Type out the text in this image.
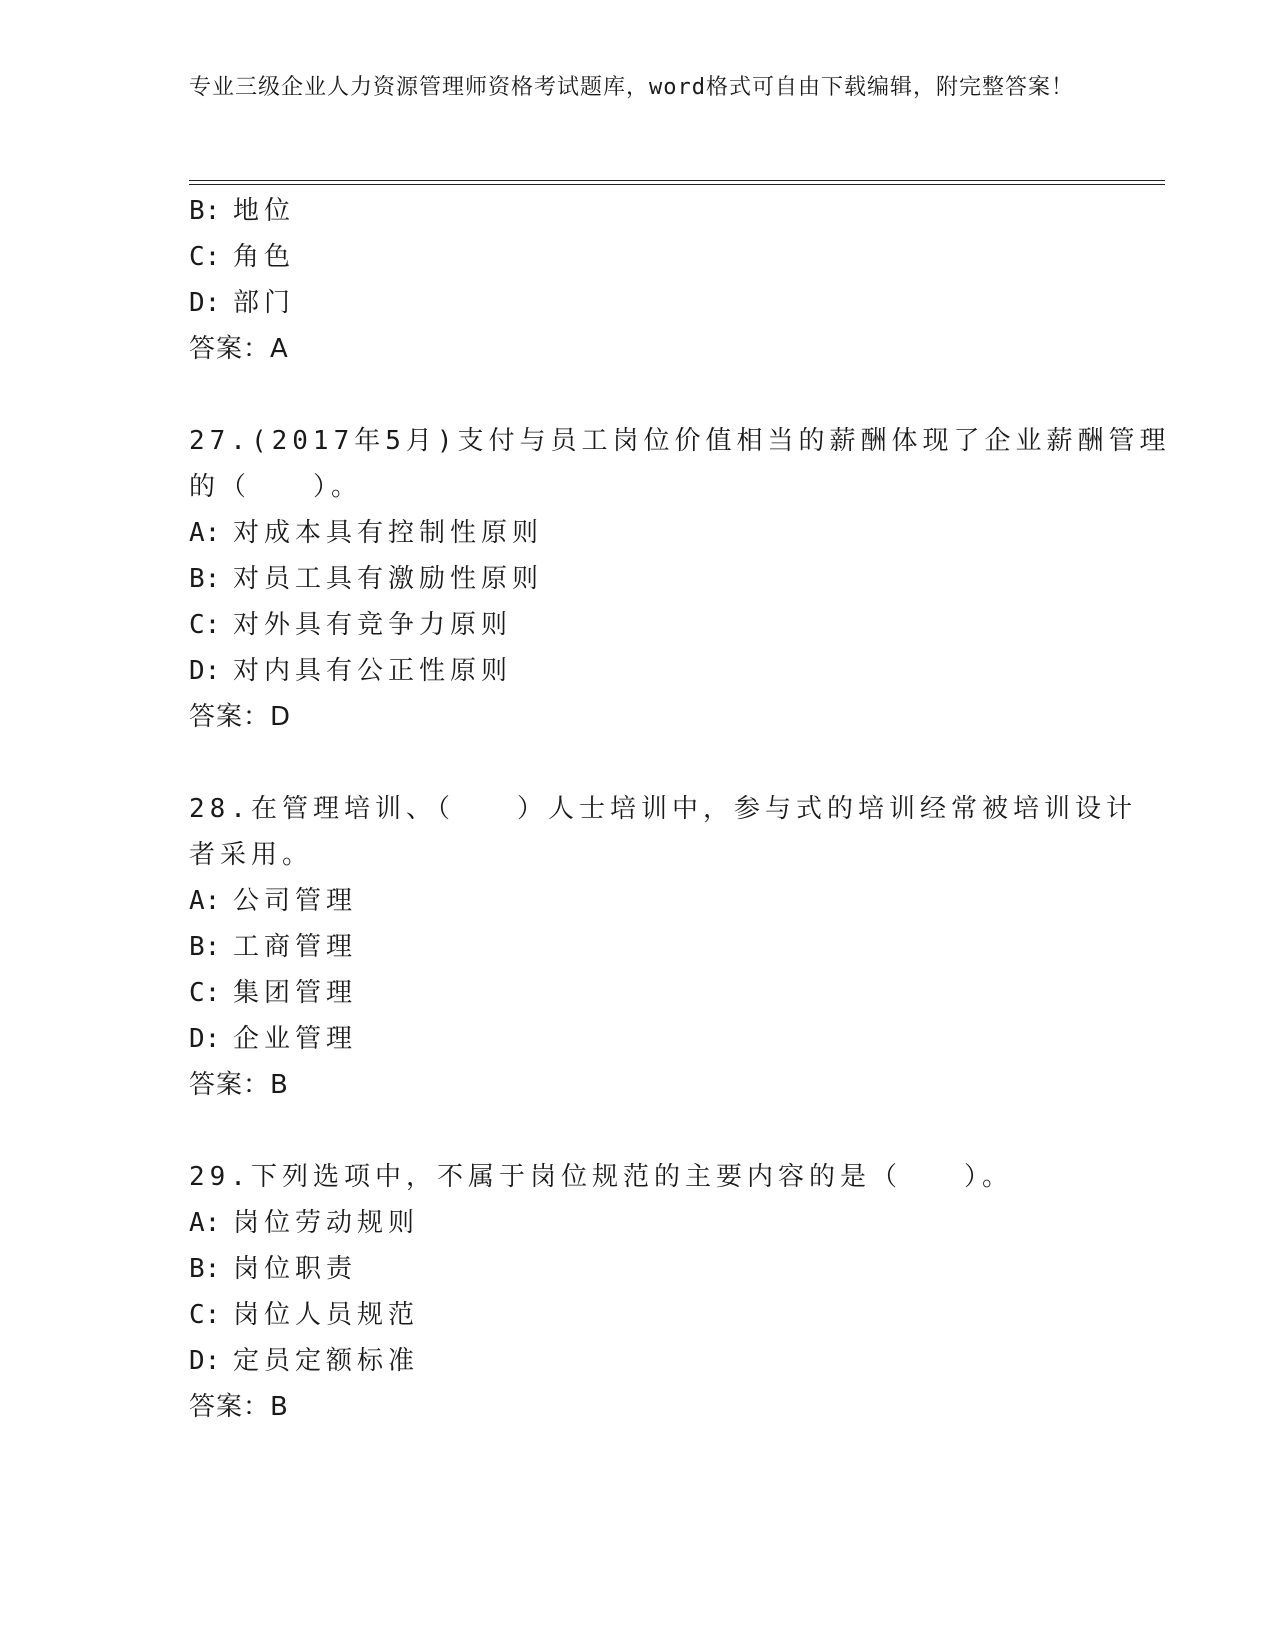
专业三级企业人力资源管理师资格考试题库，word格式可自由下载编辑，附完整答案！
B: 地位
C: 角色
D: 部门
答案：A
27.(2017年5月)支付与员工岗位价值相当的薪酬体现了企业薪酬管理
的（　　）。
A: 对成本具有控制性原则
B: 对员工具有激励性原则
C: 对外具有竞争力原则
D: 对内具有公正性原则
答案：D
28.在管理培训、（　　）人士培训中，参与式的培训经常被培训设计
者采用。
A: 公司管理
B: 工商管理
C: 集团管理
D: 企业管理
答案：B
29.下列选项中，不属于岗位规范的主要内容的是（　　）。
A: 岗位劳动规则
B: 岗位职责
C: 岗位人员规范
D: 定员定额标准
答案：B
